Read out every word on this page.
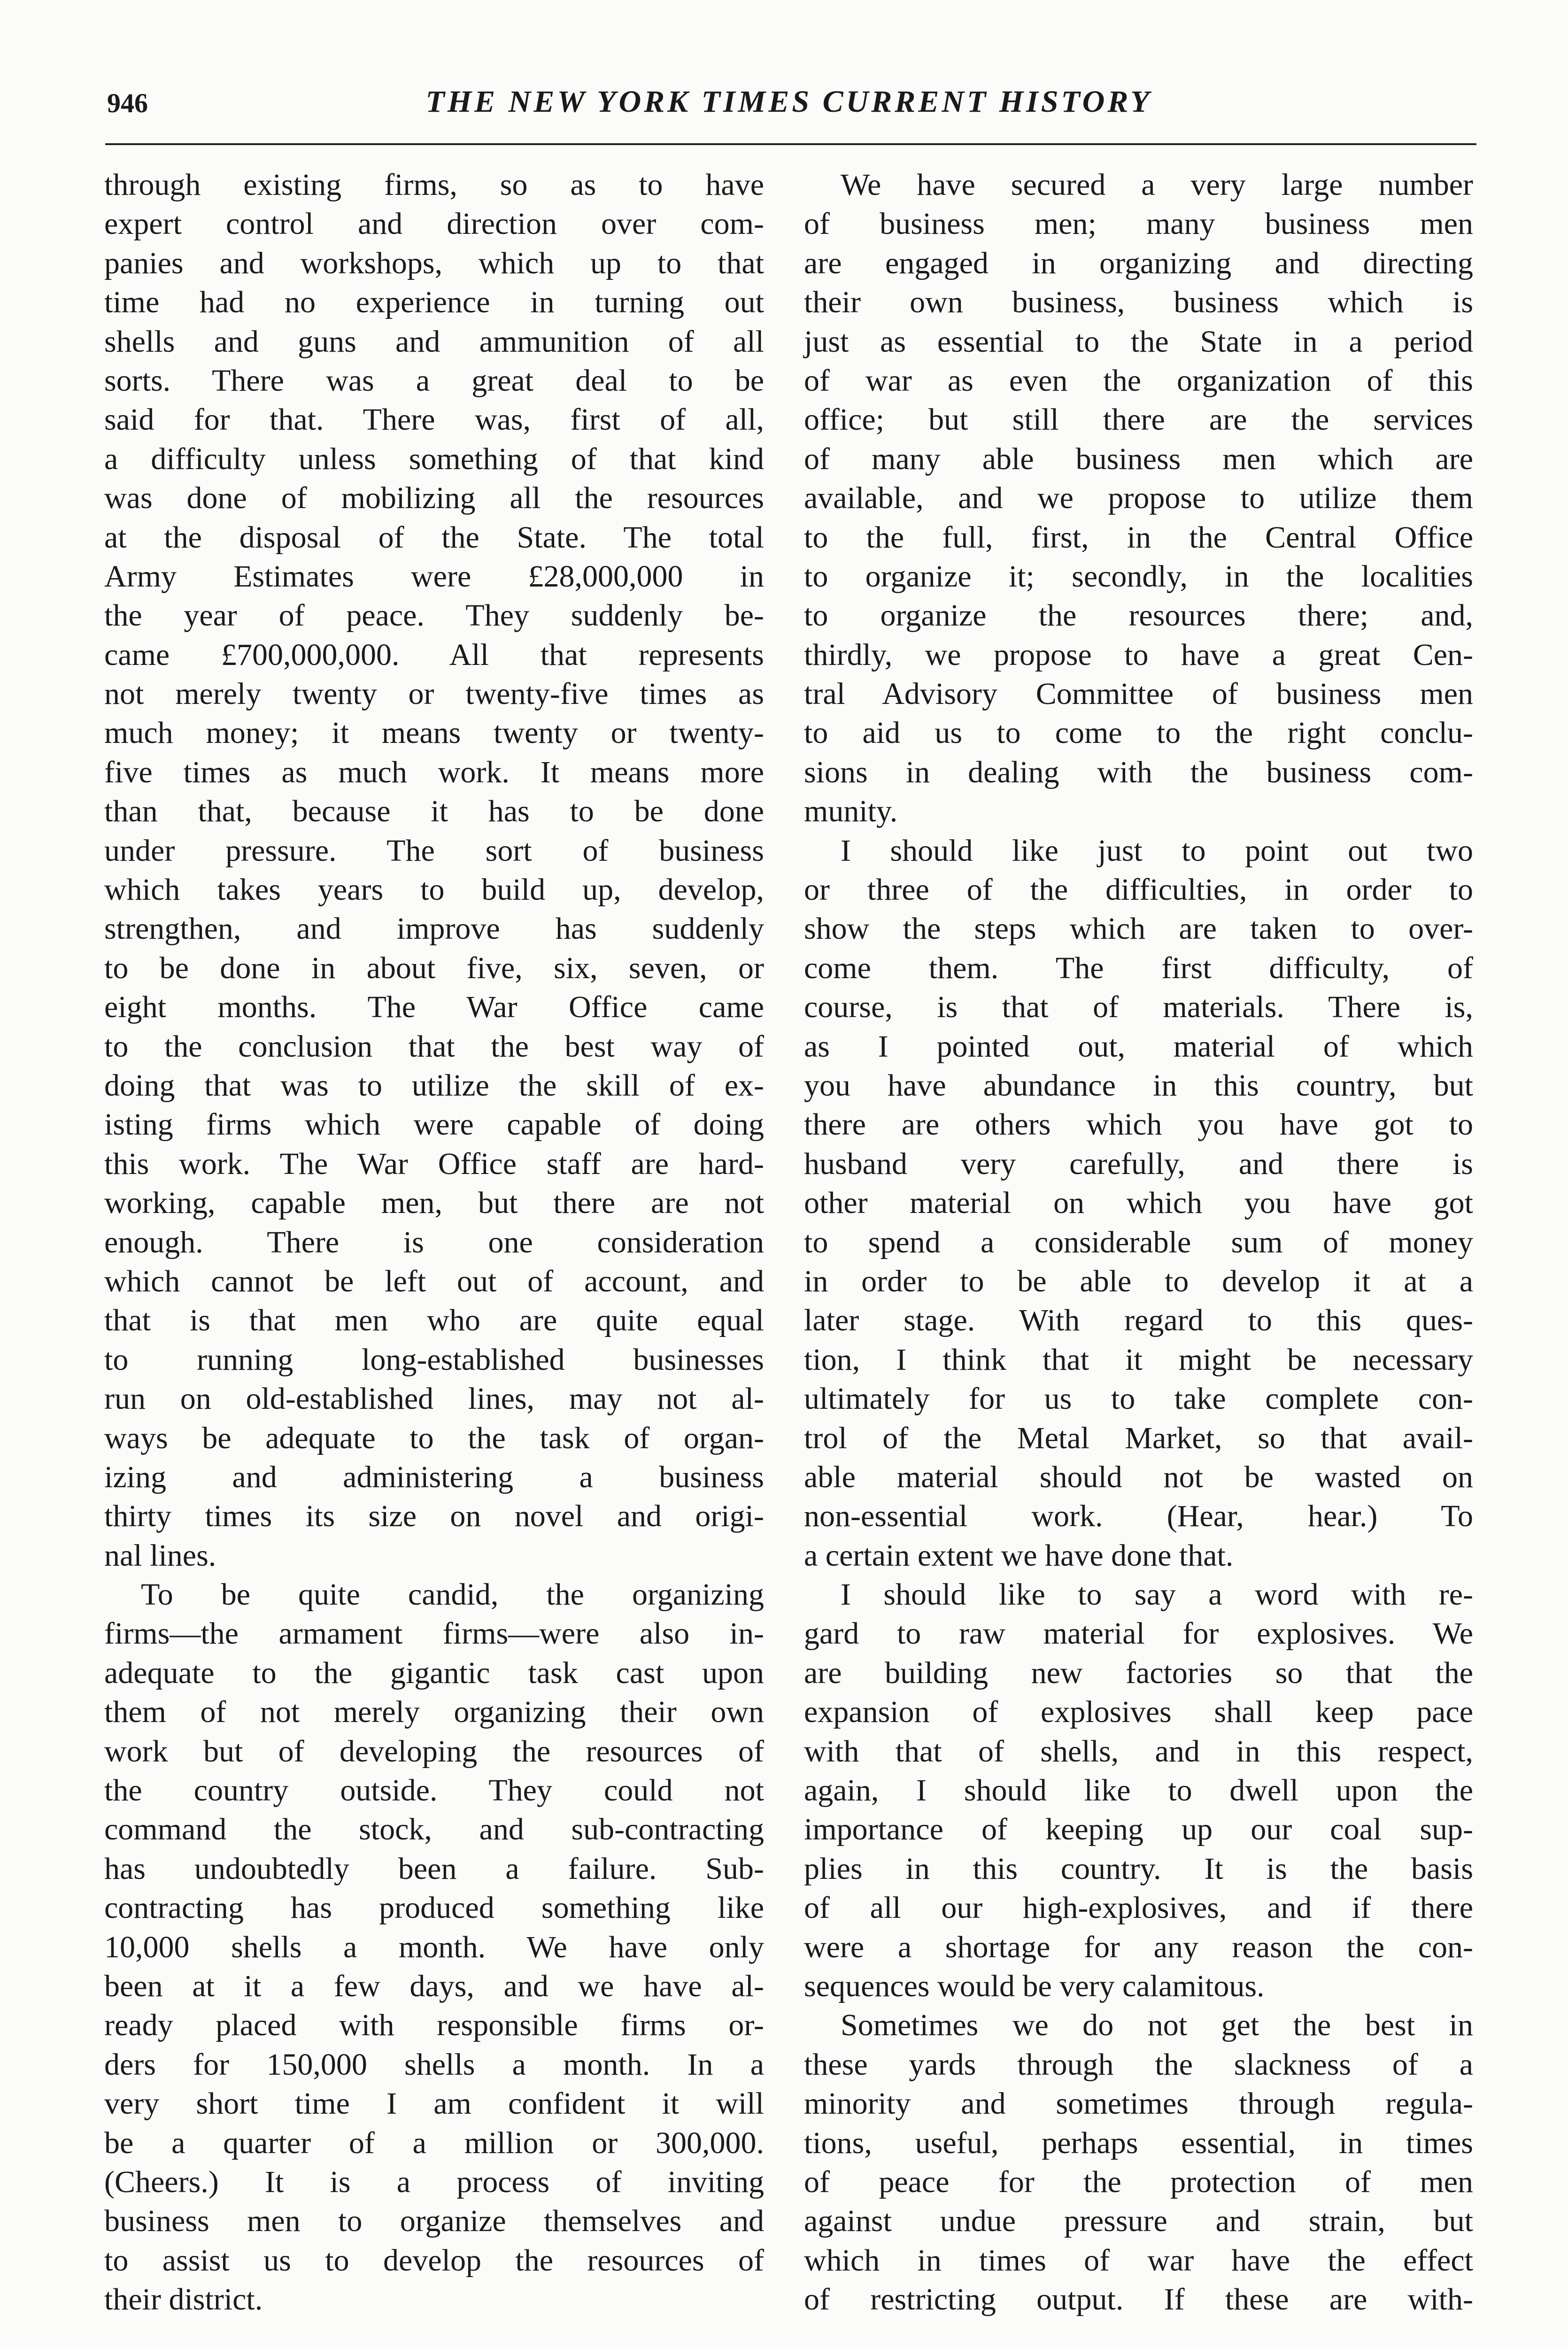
946	THE NEW YORK TIMES CURRENT HISTORY
through existing firms, so as to have
expert control and direction over com-
panies and workshops, which up to that
time had no experience in turning out
shells and guns and ammunition of all
sorts. There was a great deal to be
said for that. There was, first of all,
a difficulty unless something of that kind
was done of mobilizing all the resources
at the disposal of the State. The total
Army Estimates were £28,000,000 in
the year of peace. They suddenly be-
came £700,000,000. All that represents
not merely twenty or twenty-five times as
much money; it means twenty or twenty-
five times as much work. It means more
than that, because it has to be done
under pressure. The sort of business
which takes years to build up, develop,
strengthen, and improve has suddenly
to be done in about five, six, seven, or
eight months. The War Office came
to the conclusion that the best way of
doing that was to utilize the skill of ex-
isting firms which were capable of doing
this work. The War Office staff are hard-
working, capable men, but there are not
enough. There is one consideration
which cannot be left out of account, and
that is that men who are quite equal
to running long-established businesses
run on old-established lines, may not al-
ways be adequate to the task of organ-
izing and administering a business
thirty times its size on novel and origi-
nal lines.
To be quite candid, the organizing
firms—the armament firms—were also in-
adequate to the gigantic task cast upon
them of not merely organizing their own
work but of developing the resources of
the country outside. They could not
command the stock, and sub-contracting
has undoubtedly been a failure. Sub-
contracting has produced something like
10,000 shells a month. We have only
been at it a few days, and we have al-
ready placed with responsible firms or-
ders for 150,000 shells a month. In a
very short time I am confident it will
be a quarter of a million or 300,000.
(Cheers.) It is a process of inviting
business men to organize themselves and
to assist us to develop the resources of
their district.
We have secured a very large number
of business men; many business men
are engaged in organizing and directing
their own business, business which is
just as essential to the State in a period
of war as even the organization of this
office; but still there are the services
of many able business men which are
available, and we propose to utilize them
to the full, first, in the Central Office
to organize it; secondly, in the localities
to organize the resources there; and,
thirdly, we propose to have a great Cen-
tral Advisory Committee of business men
to aid us to come to the right conclu-
sions in dealing with the business com-
munity.
I should like just to point out two
or three of the difficulties, in order to
show the steps which are taken to over-
come them. The first difficulty, of
course, is that of materials. There is,
as I pointed out, material of which
you have abundance in this country, but
there are others which you have got to
husband very carefully, and there is
other material on which you have got
to spend a considerable sum of money
in order to be able to develop it at a
later stage. With regard to this ques-
tion, I think that it might be necessary
ultimately for us to take complete con-
trol of the Metal Market, so that avail-
able material should not be wasted on
non-essential work. (Hear, hear.) To
a certain extent we have done that.
I should like to say a word with re-
gard to raw material for explosives. We
are building new factories so that the
expansion of explosives shall keep pace
with that of shells, and in this respect,
again, I should like to dwell upon the
importance of keeping up our coal sup-
plies in this country. It is the basis
of all our high-explosives, and if there
were a shortage for any reason the con-
sequences would be very calamitous.
Sometimes we do not get the best in
these yards through the slackness of a
minority and sometimes through regula-
tions, useful, perhaps essential, in times
of peace for the protection of men
against undue pressure and strain, but
which in times of war have the effect
of restricting output. If these are with-
